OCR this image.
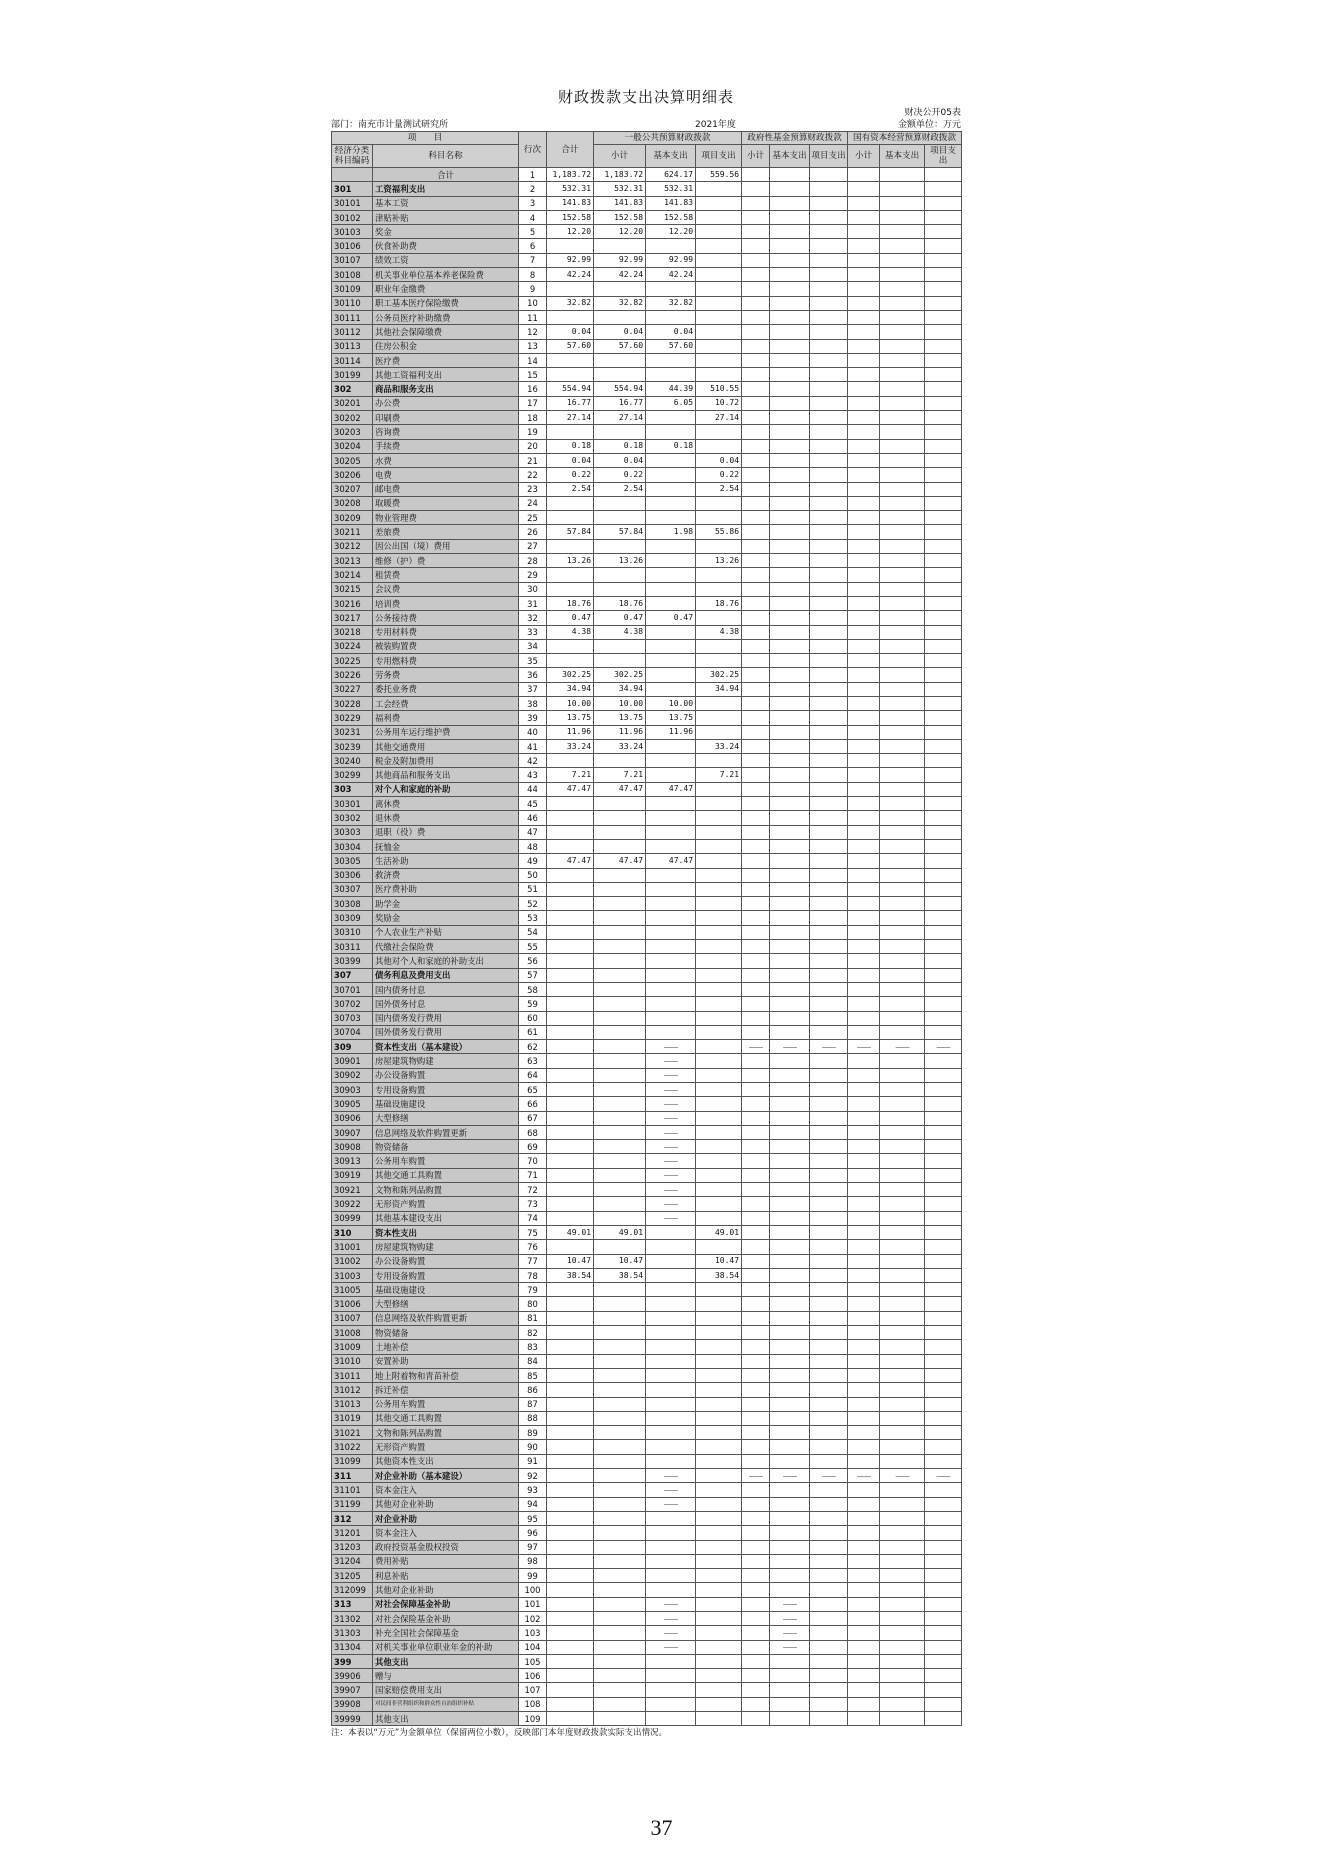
财政拨款支出决算明细表
财决公开05表
部门：南充市计量测试研究所	2021年度	金额单位：万元
项　　目		行次	合计	一般公共预算财政拨款			政府性基金预算财政拨款			国有资本经营预算财政拨款		
经济分类科目编码	科目名称											
				小计	基本支出	项目支出	小计	基本支出	项目支出	小计	基本支出	项目支出
	合计	1	1,183.72	1,183.72	624.17	559.56						
301	工资福利支出	2	532.31	532.31	532.31							
30101	基本工资	3	141.83	141.83	141.83							
30102	津贴补贴	4	152.58	152.58	152.58							
30103	奖金	5	12.20	12.20	12.20							
30106	伙食补助费	6										
30107	绩效工资	7	92.99	92.99	92.99							
30108	机关事业单位基本养老保险费	8	42.24	42.24	42.24							
30109	职业年金缴费	9										
30110	职工基本医疗保险缴费	10	32.82	32.82	32.82							
30111	公务员医疗补助缴费	11										
30112	其他社会保障缴费	12	0.04	0.04	0.04							
30113	住房公积金	13	57.60	57.60	57.60							
30114	医疗费	14										
30199	其他工资福利支出	15										
302	商品和服务支出	16	554.94	554.94	44.39	510.55						
30201	办公费	17	16.77	16.77	6.05	10.72						
30202	印刷费	18	27.14	27.14		27.14						
30203	咨询费	19										
30204	手续费	20	0.18	0.18	0.18							
30205	水费	21	0.04	0.04		0.04						
30206	电费	22	0.22	0.22		0.22						
30207	邮电费	23	2.54	2.54		2.54						
30208	取暖费	24										
30209	物业管理费	25										
30211	差旅费	26	57.84	57.84	1.98	55.86						
30212	因公出国（境）费用	27										
30213	维修（护）费	28	13.26	13.26		13.26						
30214	租赁费	29										
30215	会议费	30										
30216	培训费	31	18.76	18.76		18.76						
30217	公务接待费	32	0.47	0.47	0.47							
30218	专用材料费	33	4.38	4.38		4.38						
30224	被装购置费	34										
30225	专用燃料费	35										
30226	劳务费	36	302.25	302.25		302.25						
30227	委托业务费	37	34.94	34.94		34.94						
30228	工会经费	38	10.00	10.00	10.00							
30229	福利费	39	13.75	13.75	13.75							
30231	公务用车运行维护费	40	11.96	11.96	11.96							
30239	其他交通费用	41	33.24	33.24		33.24						
30240	税金及附加费用	42										
30299	其他商品和服务支出	43	7.21	7.21		7.21						
303	对个人和家庭的补助	44	47.47	47.47	47.47							
30301	离休费	45										
30302	退休费	46										
30303	退职（役）费	47										
30304	抚恤金	48										
30305	生活补助	49	47.47	47.47	47.47							
30306	救济费	50										
30307	医疗费补助	51										
30308	助学金	52										
30309	奖励金	53										
30310	个人农业生产补贴	54										
30311	代缴社会保险费	55										
30399	其他对个人和家庭的补助支出	56										
307	债务利息及费用支出	57										
30701	国内债务付息	58										
30702	国外债务付息	59										
30703	国内债务发行费用	60										
30704	国外债务发行费用	61										
309	资本性支出（基本建设）	62			————		————	————	————	————	————	————
30901	房屋建筑物购建	63			————							
30902	办公设备购置	64			————							
30903	专用设备购置	65			————							
30905	基础设施建设	66			————							
30906	大型修缮	67			————							
30907	信息网络及软件购置更新	68			————							
30908	物资储备	69			————							
30913	公务用车购置	70			————							
30919	其他交通工具购置	71			————							
30921	文物和陈列品购置	72			————							
30922	无形资产购置	73			————							
30999	其他基本建设支出	74			————							
310	资本性支出	75	49.01	49.01		49.01						
31001	房屋建筑物购建	76										
31002	办公设备购置	77	10.47	10.47		10.47						
31003	专用设备购置	78	38.54	38.54		38.54						
31005	基础设施建设	79										
31006	大型修缮	80										
31007	信息网络及软件购置更新	81										
31008	物资储备	82										
31009	土地补偿	83										
31010	安置补助	84										
31011	地上附着物和青苗补偿	85										
31012	拆迁补偿	86										
31013	公务用车购置	87										
31019	其他交通工具购置	88										
31021	文物和陈列品购置	89										
31022	无形资产购置	90										
31099	其他资本性支出	91										
311	对企业补助（基本建设）	92			————		————	————	————	————	————	————
31101	资本金注入	93			————							
31199	其他对企业补助	94			————							
312	对企业补助	95										
31201	资本金注入	96										
31203	政府投资基金股权投资	97										
31204	费用补贴	98										
31205	利息补贴	99										
312099	其他对企业补助	100										
313	对社会保障基金补助	101			————			————				
31302	对社会保险基金补助	102			————			————				
31303	补充全国社会保障基金	103			————			————				
31304	对机关事业单位职业年金的补助	104			————			————				
399	其他支出	105										
39906	赠与	106										
39907	国家赔偿费用支出	107										
39908	对民间非营利组织和群众性自治组织补贴	108										
39999	其他支出	109										
注：本表以“万元”为金额单位（保留两位小数），反映部门本年度财政拨款实际支出情况。
37
